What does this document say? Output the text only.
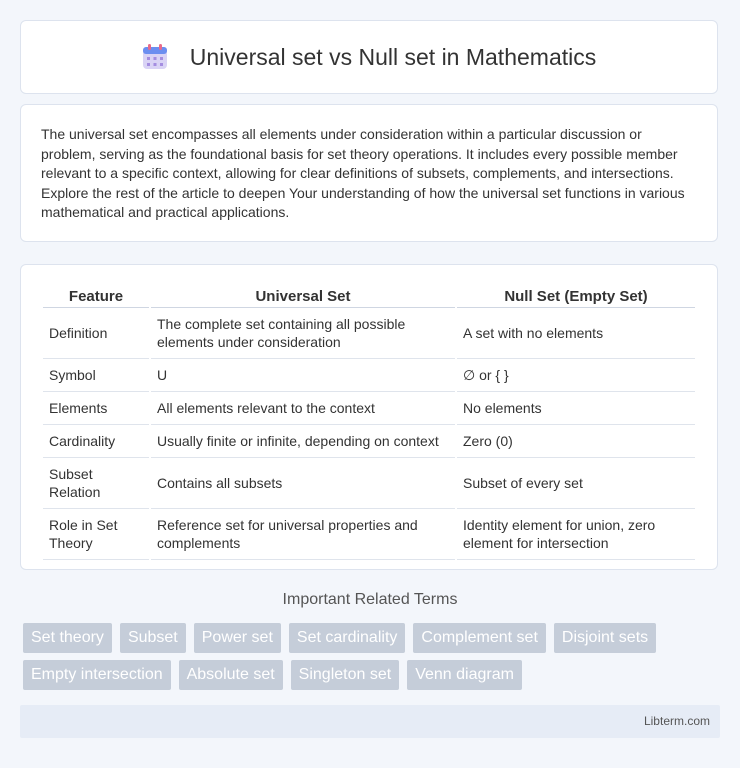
Universal set vs Null set in Mathematics

The universal set encompasses all elements under consideration within a particular discussion or problem, serving as the foundational basis for set theory operations. It includes every possible member relevant to a specific context, allowing for clear definitions of subsets, complements, and intersections. Explore the rest of the article to deepen Your understanding of how the universal set functions in various mathematical and practical applications.

Feature	Universal Set	Null Set (Empty Set)
Definition	The complete set containing all possible elements under consideration	A set with no elements
Symbol	U	∅ or { }
Elements	All elements relevant to the context	No elements
Cardinality	Usually finite or infinite, depending on context	Zero (0)
Subset Relation	Contains all subsets	Subset of every set
Role in Set Theory	Reference set for universal properties and complements	Identity element for union, zero element for intersection
Important Related Terms
Set theory	Subset	Power set	Set cardinality	Complement set	Disjoint sets
Empty intersection	Absolute set	Singleton set	Venn diagram
Libterm.com
